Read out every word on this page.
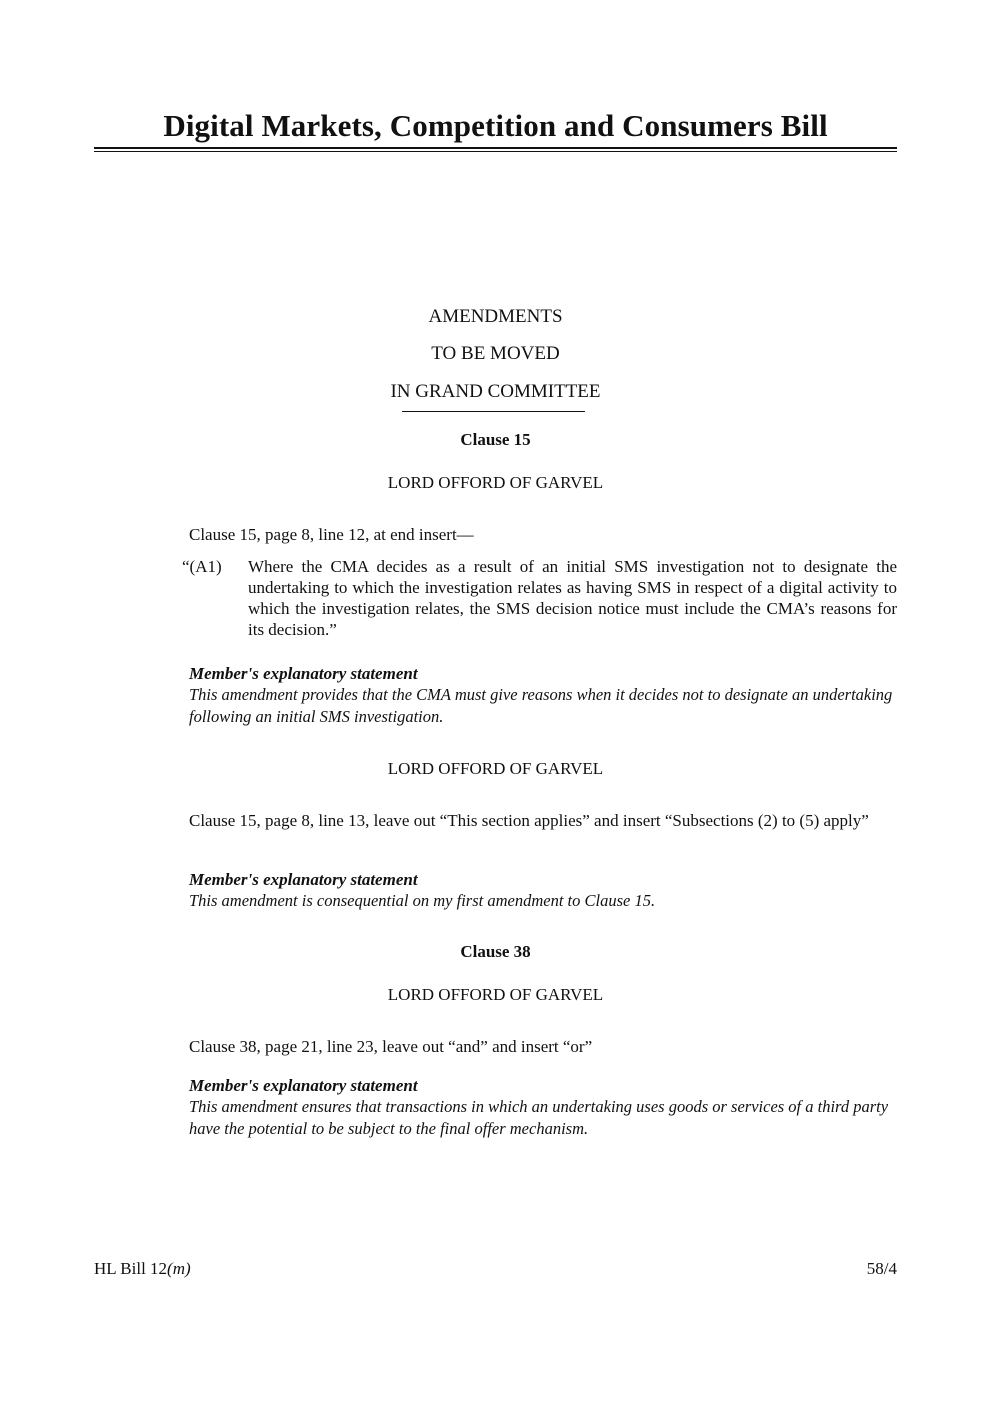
Digital Markets, Competition and Consumers Bill
AMENDMENTS
TO BE MOVED
IN GRAND COMMITTEE
Clause 15
LORD OFFORD OF GARVEL
Clause 15, page 8, line 12, at end insert—
“(A1) Where the CMA decides as a result of an initial SMS investigation not to designate the undertaking to which the investigation relates as having SMS in respect of a digital activity to which the investigation relates, the SMS decision notice must include the CMA’s reasons for its decision.”
Member's explanatory statement
This amendment provides that the CMA must give reasons when it decides not to designate an undertaking following an initial SMS investigation.
LORD OFFORD OF GARVEL
Clause 15, page 8, line 13, leave out “This section applies” and insert “Subsections (2) to (5) apply”
Member's explanatory statement
This amendment is consequential on my first amendment to Clause 15.
Clause 38
LORD OFFORD OF GARVEL
Clause 38, page 21, line 23, leave out “and” and insert “or”
Member's explanatory statement
This amendment ensures that transactions in which an undertaking uses goods or services of a third party have the potential to be subject to the final offer mechanism.
HL Bill 12(m)	58/4
